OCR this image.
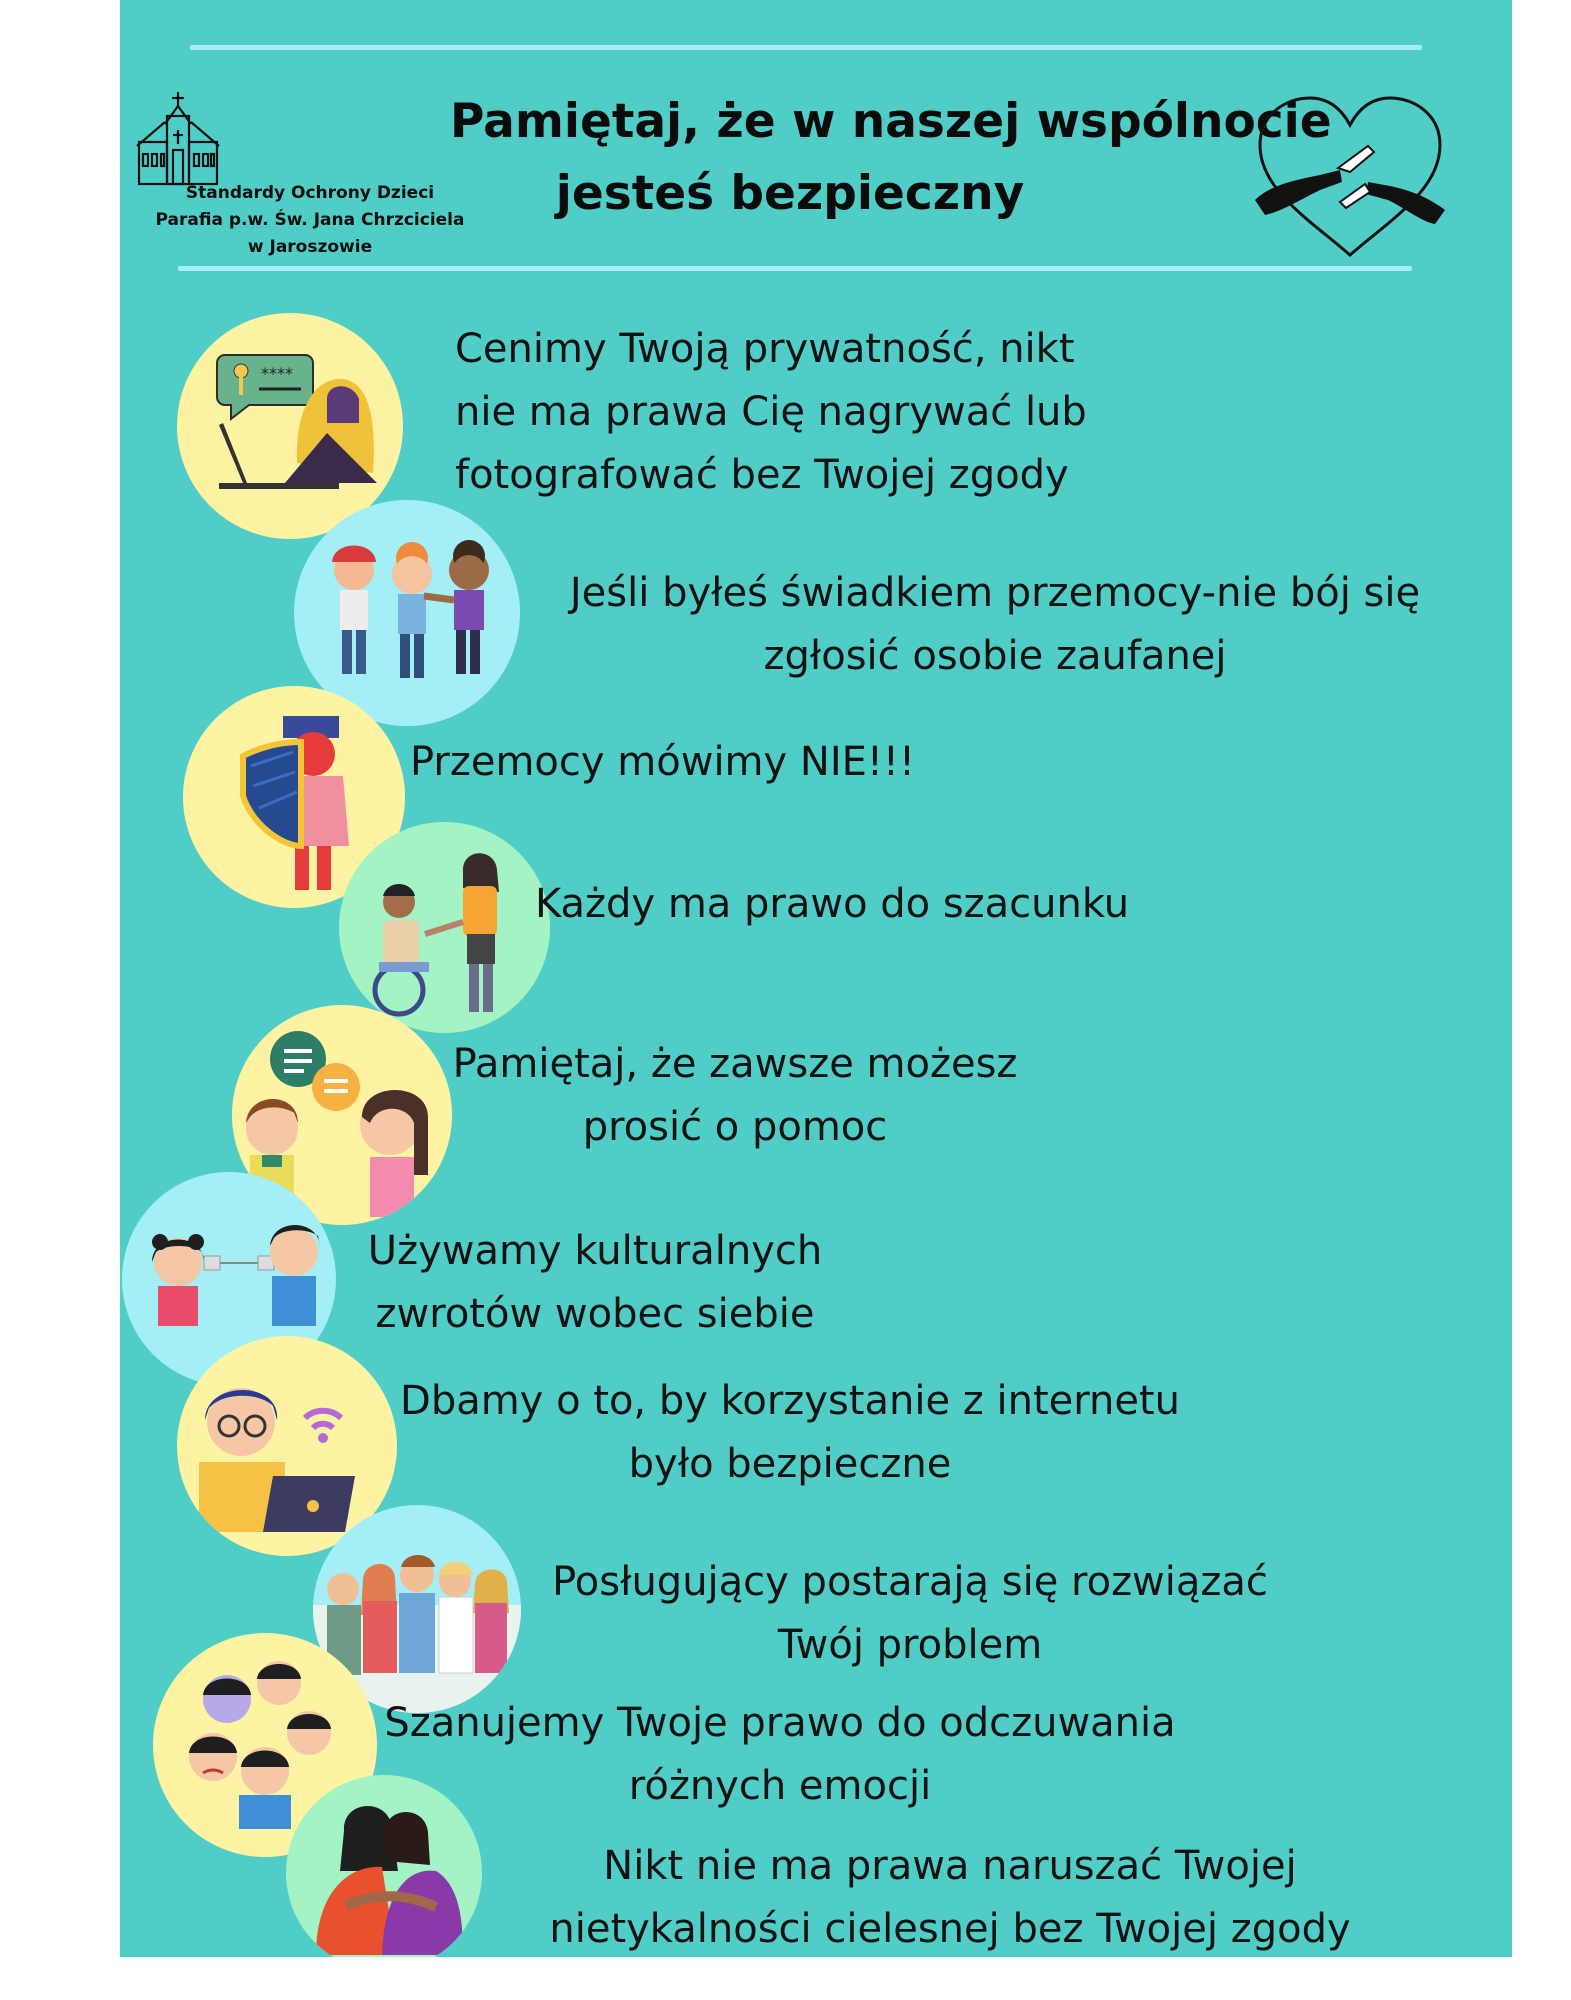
Standardy Ochrony Dzieci
Parafia p.w. Św. Jana Chrzciciela
w Jaroszowie
Pamiętaj, że w naszej wspólnocie
jesteś bezpieczny
****
Cenimy Twoją prywatność, nikt
nie ma prawa Cię nagrywać lub
fotografować bez Twojej zgody
Jeśli byłeś świadkiem przemocy-nie bój się
zgłosić osobie zaufanej
Przemocy mówimy NIE!!!
Każdy ma prawo do szacunku
Pamiętaj, że zawsze możesz
prosić o pomoc
Używamy kulturalnych
zwrotów wobec siebie
Dbamy o to, by korzystanie z internetu
było bezpieczne
Posługujący postarają się rozwiązać
Twój problem
Szanujemy Twoje prawo do odczuwania
różnych emocji
Nikt nie ma prawa naruszać Twojej
nietykalności cielesnej bez Twojej zgody
